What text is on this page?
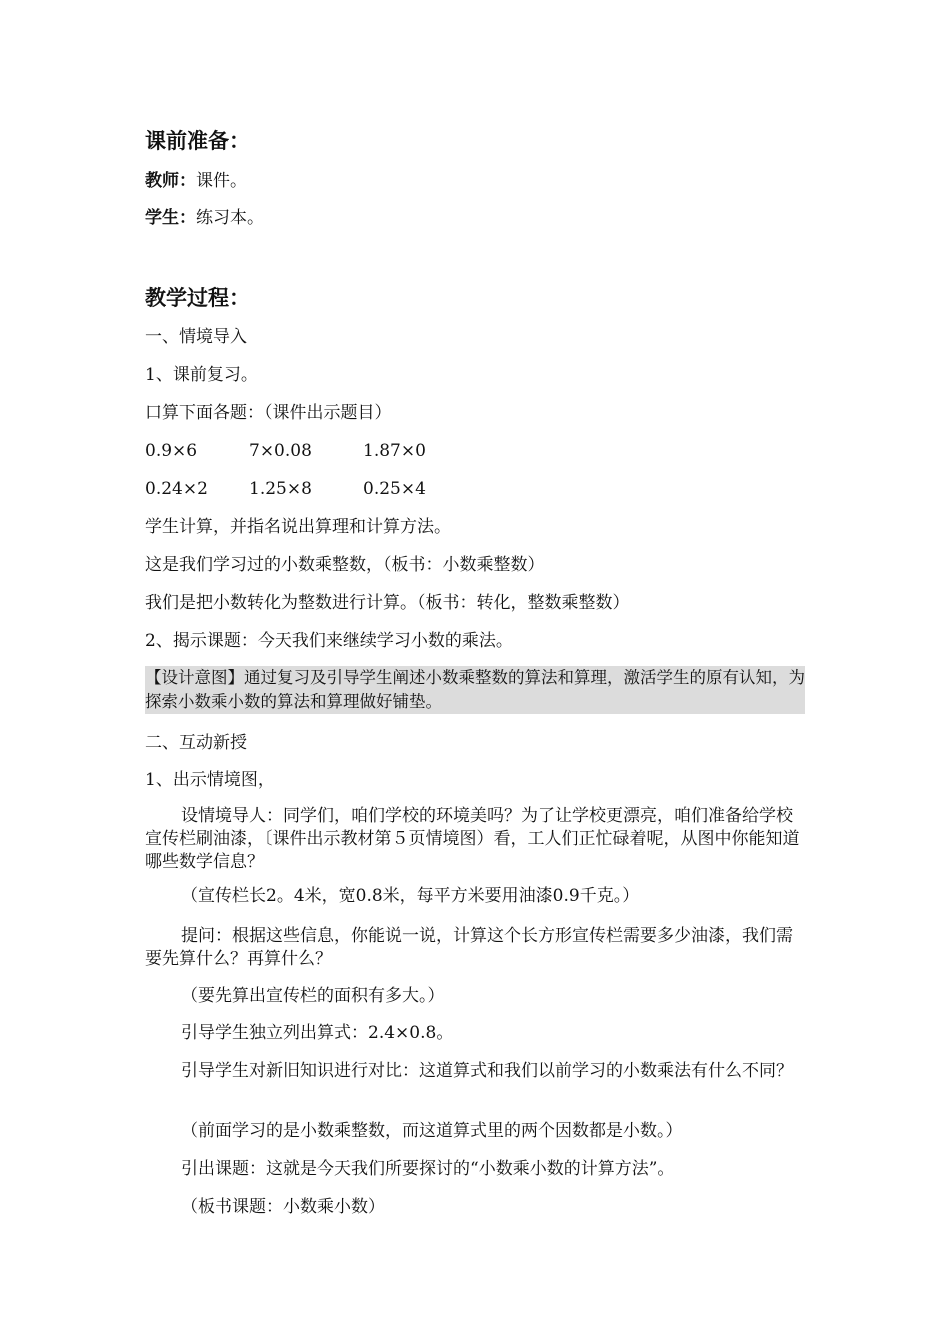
课前准备：
教师：课件。
学生：练习本。
教学过程：
一、情境导入
1、课前复习。
口算下面各题：（课件出示题目）
0.9×6	7×0.08	1.87×0
0.24×2 1.25×8	0.25×4
学生计算，并指名说出算理和计算方法。
这是我们学习过的小数乘整数，（板书：小数乘整数）
我们是把小数转化为整数进行计算。（板书：转化，整数乘整数）
2、揭示课题：今天我们来继续学习小数的乘法。
【设计意图】通过复习及引导学生阐述小数乘整数的算法和算理，激活学生的原有认知，为探索小数乘小数的算法和算理做好铺垫。
二、互动新授
1、出示情境图，
设情境导人：同学们，咱们学校的环境美吗？为了让学校更漂亮，咱们准备给学校宣传栏刷油漆，〔课件出示教材第５页情境图）看，工人们正忙碌着呢，从图中你能知道哪些数学信息？
（宣传栏长2。4米，宽0.8米，每平方米要用油漆0.9千克。）
提问：根据这些信息，你能说一说，计算这个长方形宣传栏需要多少油漆，我们需要先算什么？再算什么？
（要先算出宣传栏的面积有多大。）
引导学生独立列出算式：2.4×0.8。
引导学生对新旧知识进行对比：这道算式和我们以前学习的小数乘法有什么不同？
（前面学习的是小数乘整数，而这道算式里的两个因数都是小数。）
引出课题：这就是今天我们所要探讨的“小数乘小数的计算方法”。
（板书课题：小数乘小数）
